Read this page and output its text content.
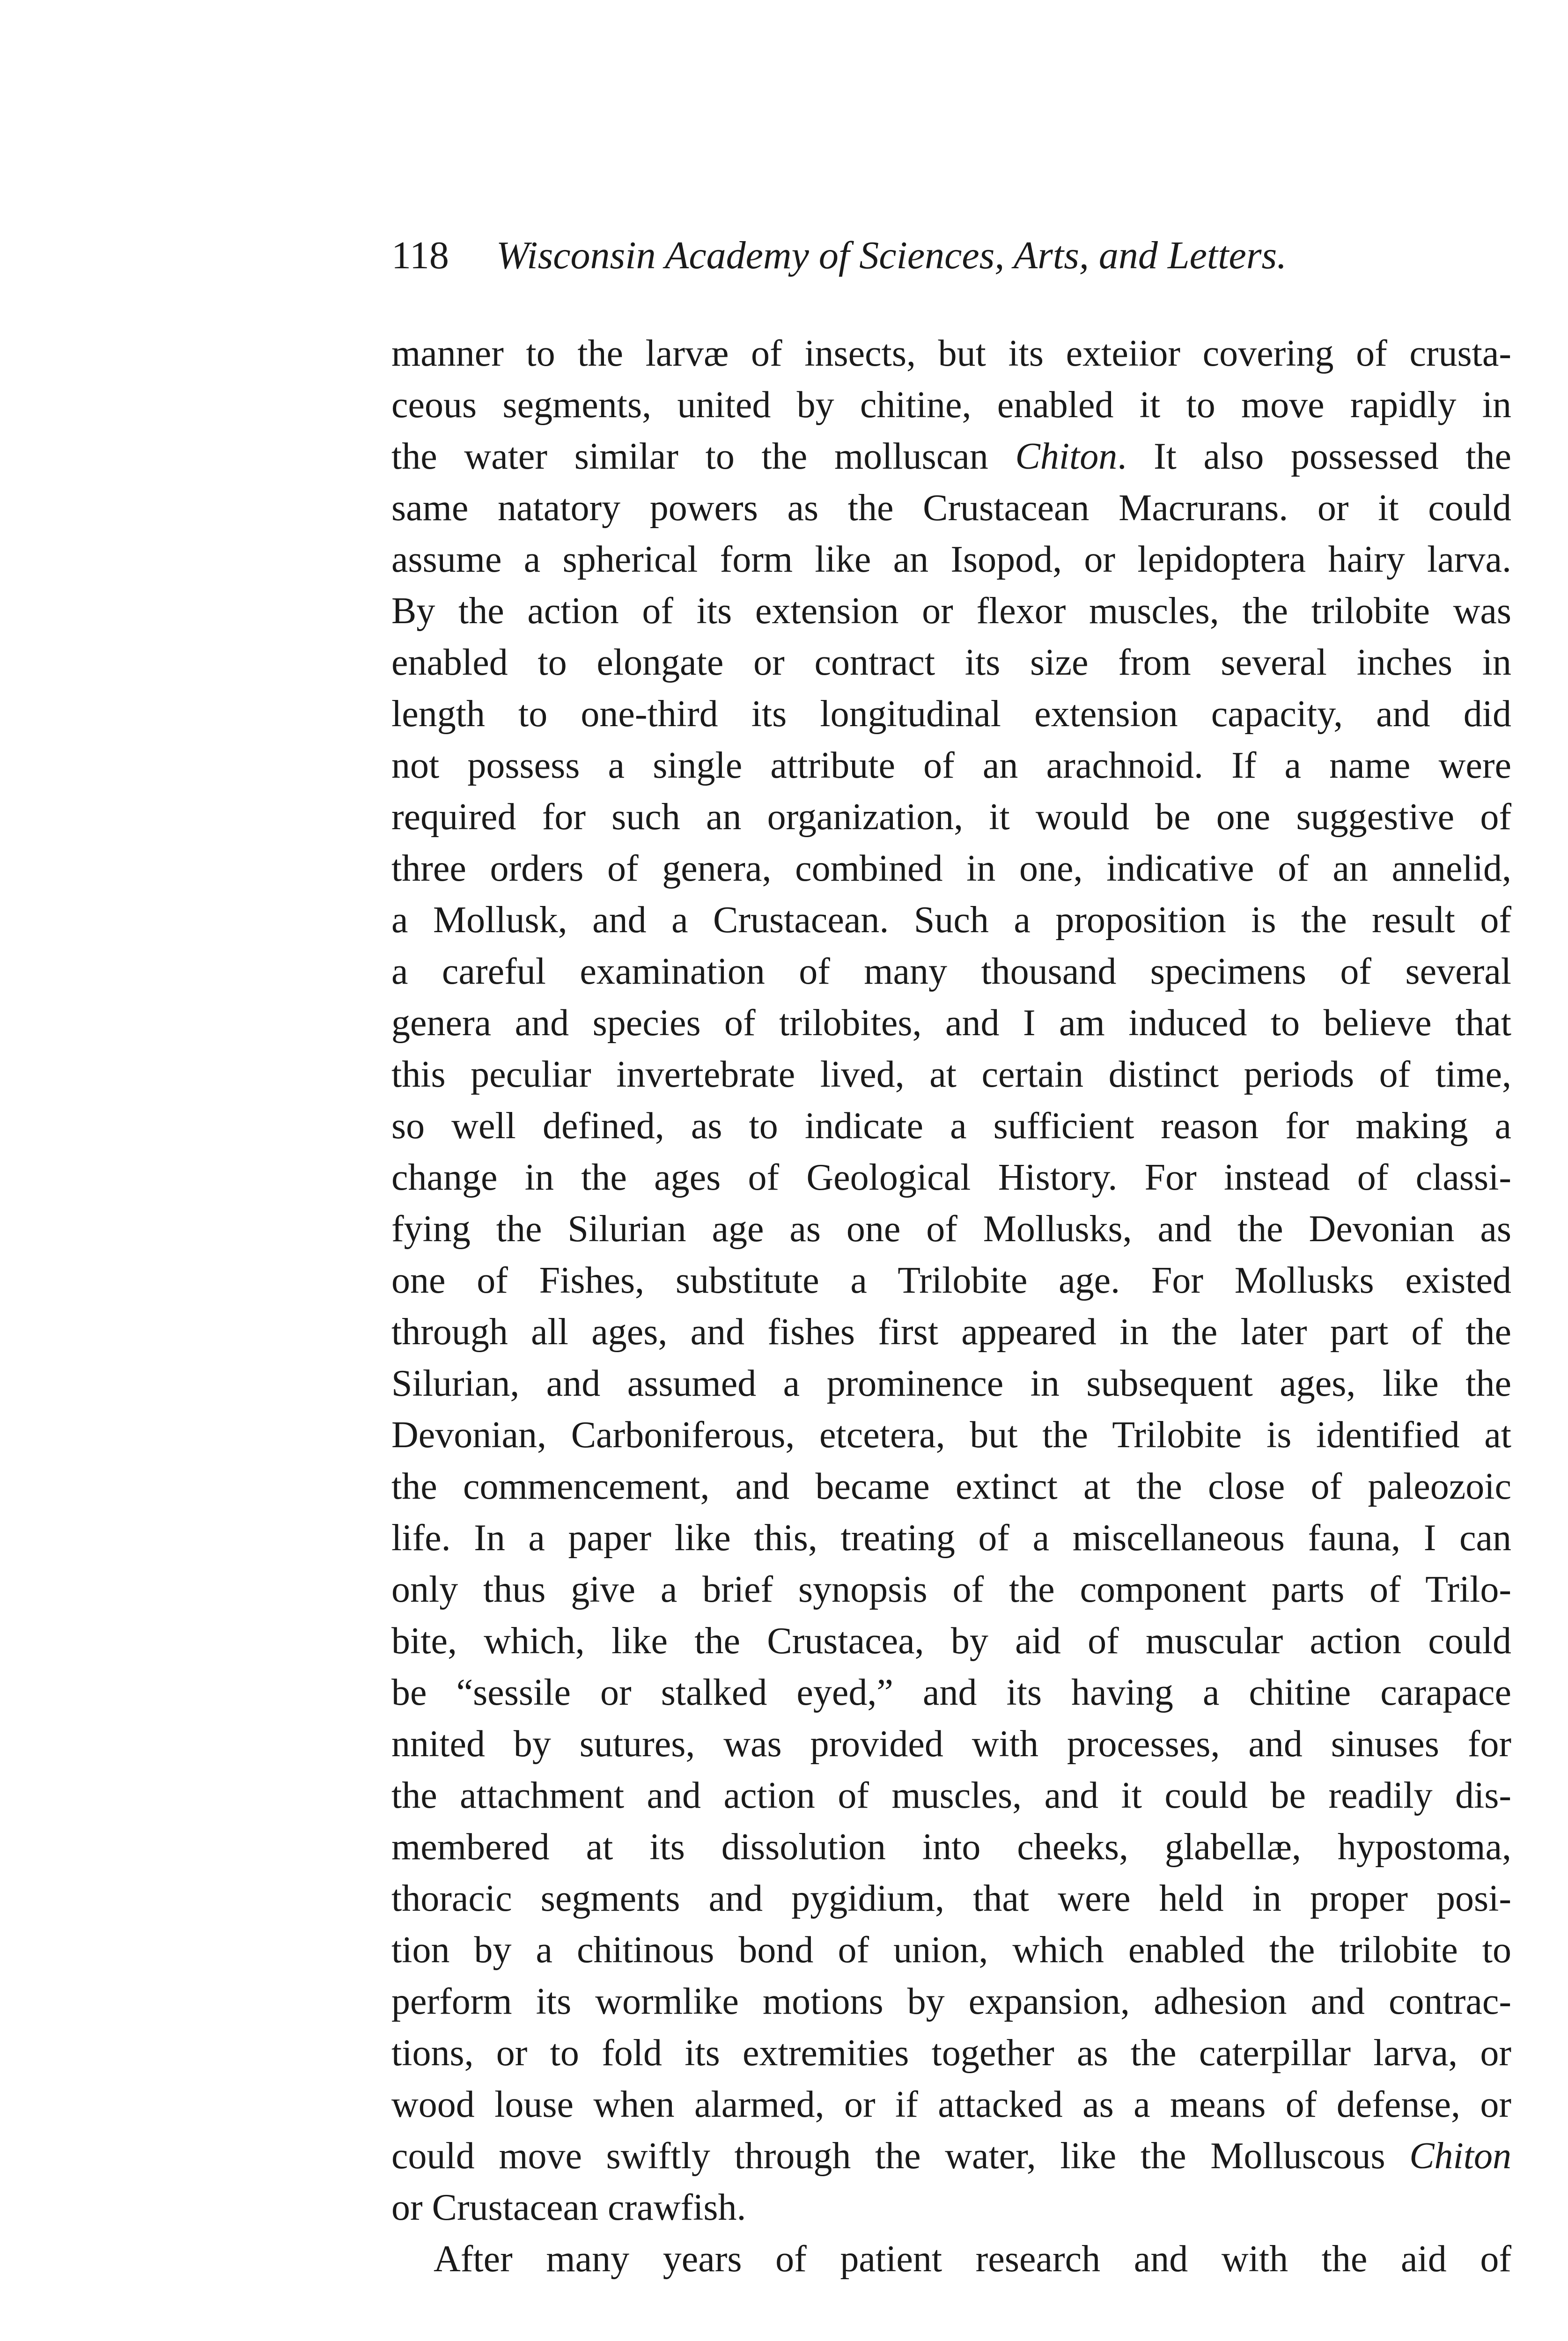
118 Wisconsin Academy of Sciences, Arts, and Letters.
manner to the larvæ of insects, but its exteiior covering of crusta-
ceous segments, united by chitine, enabled it to move rapidly in
the water similar to the molluscan Chiton. It also possessed the
same natatory powers as the Crustacean Macrurans. or it could
assume a spherical form like an Isopod, or lepidoptera hairy larva.
By the action of its extension or flexor muscles, the trilobite was
enabled to elongate or contract its size from several inches in
length to one-third its longitudinal extension capacity, and did
not possess a single attribute of an arachnoid. If a name were
required for such an organization, it would be one suggestive of
three orders of genera, combined in one, indicative of an annelid,
a Mollusk, and a Crustacean. Such a proposition is the result of
a careful examination of many thousand specimens of several
genera and species of trilobites, and I am induced to believe that
this peculiar invertebrate lived, at certain distinct periods of time,
so well defined, as to indicate a sufficient reason for making a
change in the ages of Geological History. For instead of classi-
fying the Silurian age as one of Mollusks, and the Devonian as
one of Fishes, substitute a Trilobite age. For Mollusks existed
through all ages, and fishes first appeared in the later part of the
Silurian, and assumed a prominence in subsequent ages, like the
Devonian, Carboniferous, etcetera, but the Trilobite is identified at
the commencement, and became extinct at the close of paleozoic
life. In a paper like this, treating of a miscellaneous fauna, I can
only thus give a brief synopsis of the component parts of Trilo-
bite, which, like the Crustacea, by aid of muscular action could
be “sessile or stalked eyed,” and its having a chitine carapace
nnited by sutures, was provided with processes, and sinuses for
the attachment and action of muscles, and it could be readily dis-
membered at its dissolution into cheeks, glabellæ, hypostoma,
thoracic segments and pygidium, that were held in proper posi-
tion by a chitinous bond of union, which enabled the trilobite to
perform its wormlike motions by expansion, adhesion and contrac-
tions, or to fold its extremities together as the caterpillar larva, or
wood louse when alarmed, or if attacked as a means of defense, or
could move swiftly through the water, like the Molluscous Chiton
or Crustacean crawfish.
After many years of patient research and with the aid of
